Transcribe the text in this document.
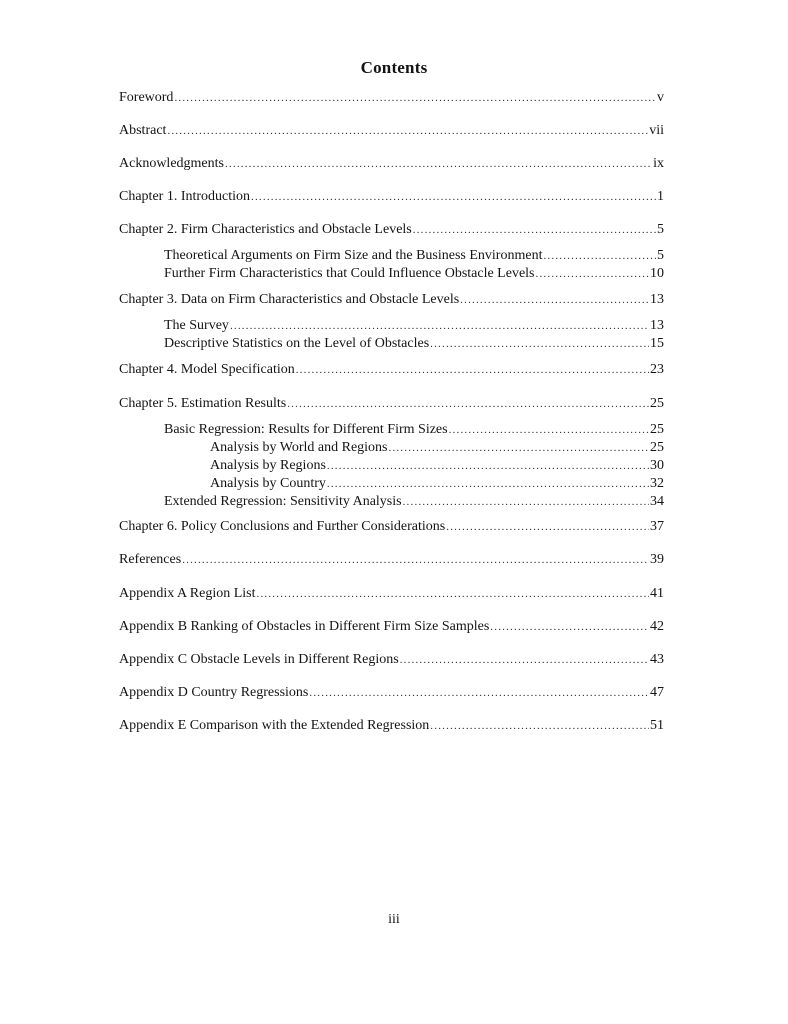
Contents
Foreword .....	v
Abstract .....	vii
Acknowledgments .....	ix
Chapter 1. Introduction .....	1
Chapter 2. Firm Characteristics and Obstacle Levels .....	5
Theoretical Arguments on Firm Size and the Business Environment .....	5
Further Firm Characteristics that Could Influence Obstacle Levels .....	10
Chapter 3. Data on Firm Characteristics and Obstacle Levels .....	13
The Survey .....	13
Descriptive Statistics on the Level of Obstacles .....	15
Chapter 4. Model Specification .....	23
Chapter 5. Estimation Results .....	25
Basic Regression: Results for Different Firm Sizes .....	25
Analysis by World and Regions .....	25
Analysis by Regions .....	30
Analysis by Country .....	32
Extended Regression: Sensitivity Analysis .....	34
Chapter 6. Policy Conclusions and Further Considerations .....	37
References .....	39
Appendix A Region List .....	41
Appendix B Ranking of Obstacles in Different Firm Size Samples .....	42
Appendix C Obstacle Levels in Different Regions .....	43
Appendix D Country Regressions .....	47
Appendix E Comparison with the Extended Regression .....	51
iii
